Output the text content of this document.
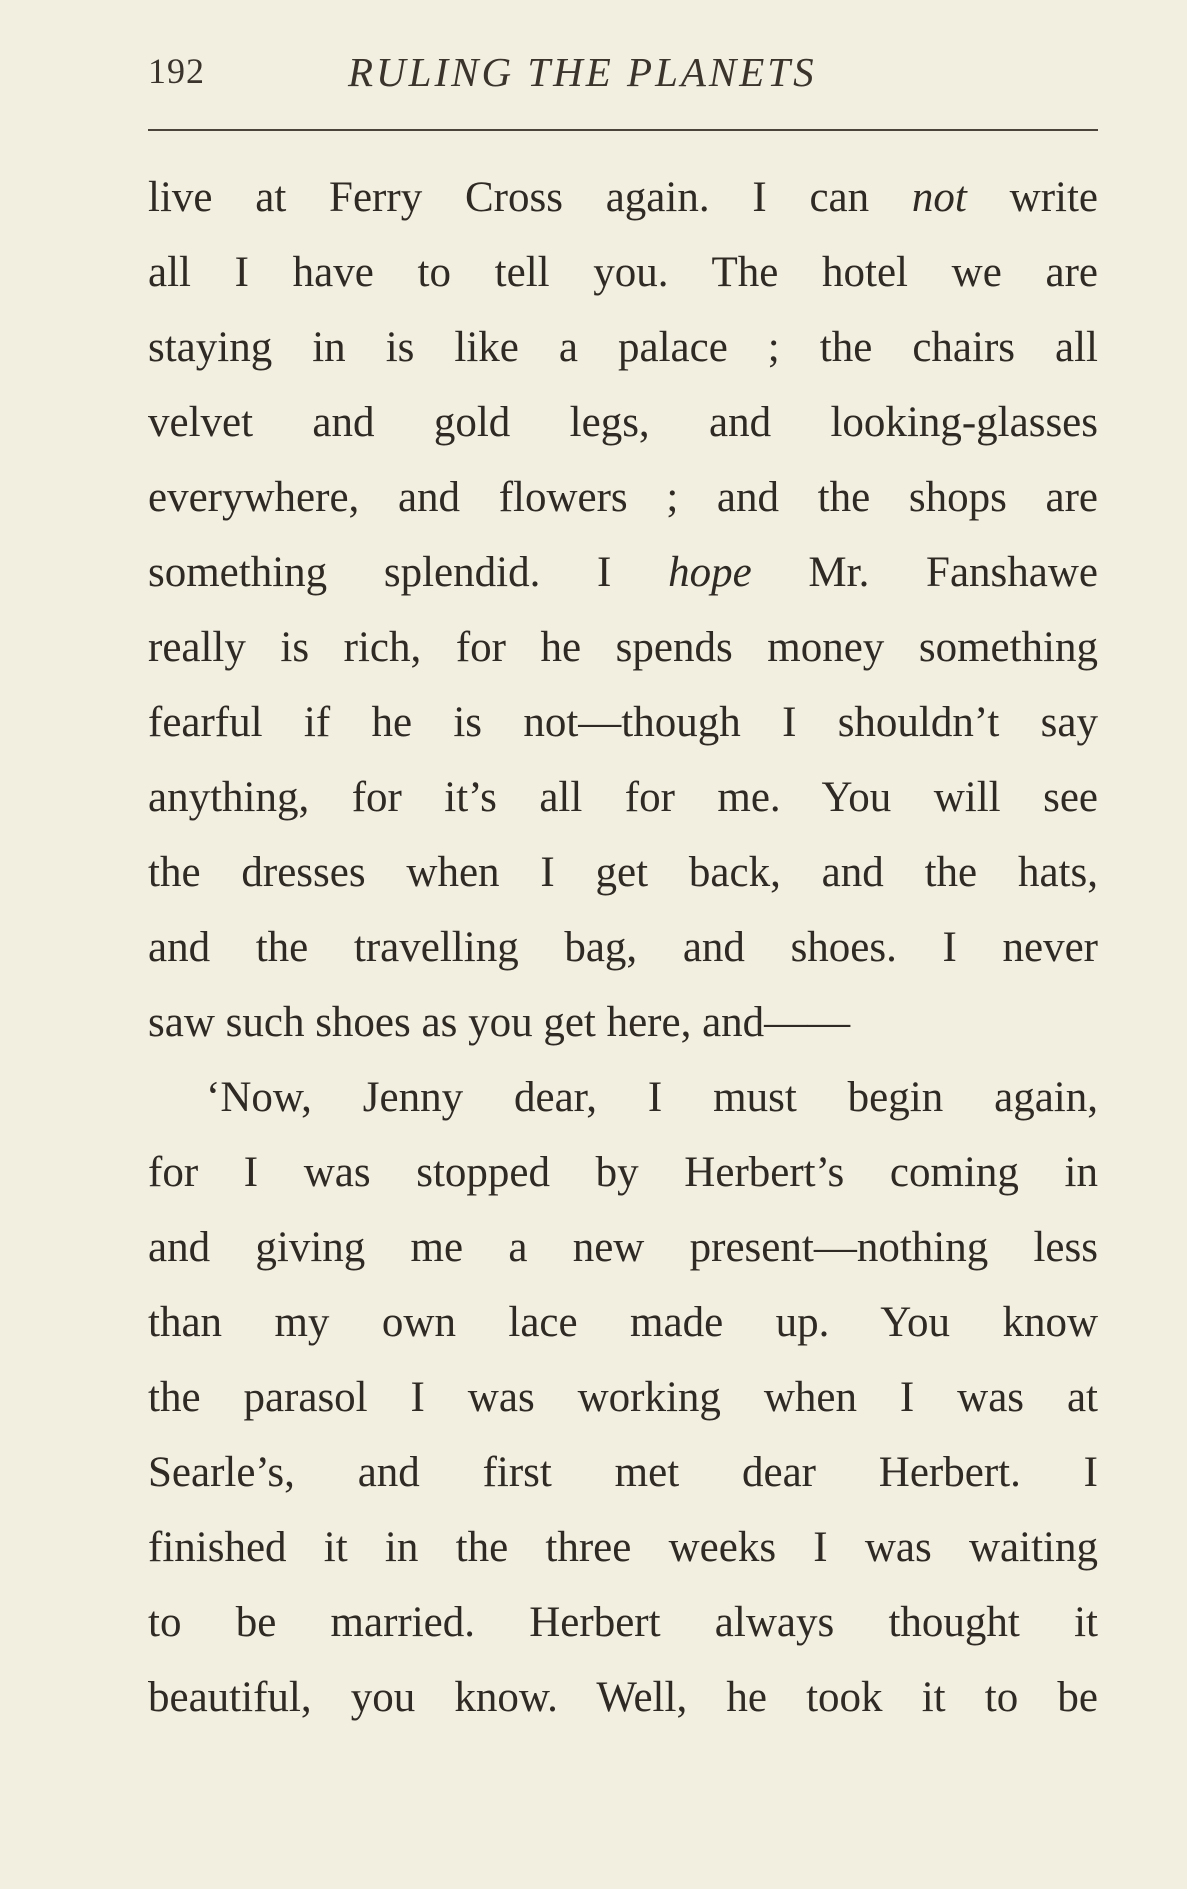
192	RULING THE PLANETS
live at Ferry Cross again. I can not write
all I have to tell you. The hotel we are
staying in is like a palace ; the chairs all
velvet and gold legs, and looking-glasses
everywhere, and flowers ; and the shops are
something splendid. I hope Mr. Fanshawe
really is rich, for he spends money something
fearful if he is not—though I shouldn’t say
anything, for it’s all for me. You will see
the dresses when I get back, and the hats,
and the travelling bag, and shoes. I never
saw such shoes as you get here, and——
‘Now, Jenny dear, I must begin again,
for I was stopped by Herbert’s coming in
and giving me a new present—nothing less
than my own lace made up. You know
the parasol I was working when I was at
Searle’s, and first met dear Herbert. I
finished it in the three weeks I was waiting
to be married. Herbert always thought it
beautiful, you know. Well, he took it to be
